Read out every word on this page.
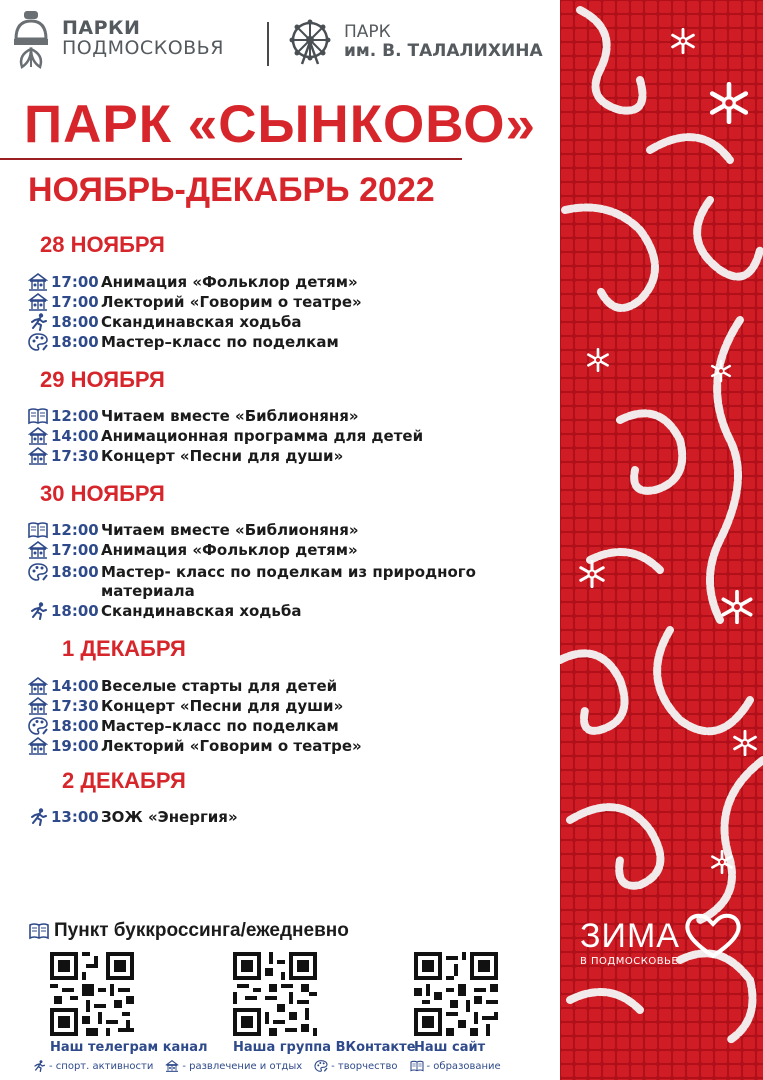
ПАРКИ
ПОДМОСКОВЬЯ
ПАРК
им. В. ТАЛАЛИХИНА
ПАРК «СЫНКОВО»
НОЯБРЬ-ДЕКАБРЬ 2022
28 НОЯБРЯ
17:00 Анимация «Фольклор детям»
17:00 Лекторий «Говорим о театре»
18:00 Скандинавская ходьба
18:00 Мастер–класс по поделкам
29 НОЯБРЯ
12:00 Читаем вместе «Библионяня»
14:00 Анимационная программа для детей
17:30 Концерт «Песни для души»
30 НОЯБРЯ
12:00 Читаем вместе «Библионяня»
17:00 Анимация «Фольклор детям»
18:00 Мастер- класс по поделкам из природного материала
18:00 Скандинавская ходьба
1 ДЕКАБРЯ
14:00 Веселые старты для детей
17:30 Концерт «Песни для души»
18:00 Мастер–класс по поделкам
19:00 Лекторий «Говорим о театре»
2 ДЕКАБРЯ
13:00 ЗОЖ «Энергия»
Пункт буккроссинга/ежедневно
Наш телеграм канал Наша группа ВКонтакте
Наш сайт
- спорт. активности	- развлечение и отдых	- творчество	- образование
ЗИМА
В ПОДМОСКОВЬЕ
